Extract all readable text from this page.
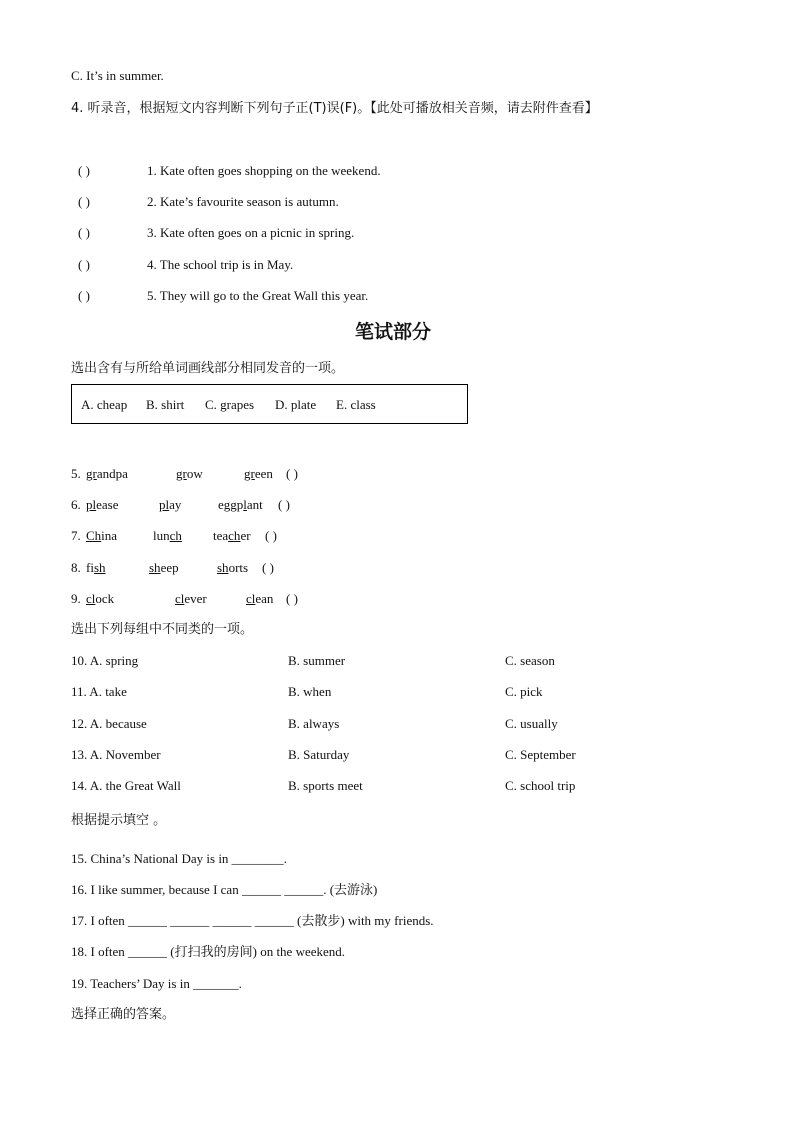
C. It’s in summer.
4. 听录音，根据短文内容判断下列句子正(T)误(F)。【此处可播放相关音频，请去附件查看】
( )	1. Kate often goes shopping on the weekend.
( )	2. Kate’s favourite season is autumn.
( )	3. Kate often goes on a picnic in spring.
( )	4. The school trip is in May.
( )	5. They will go to the Great Wall this year.
笔试部分
选出含有与所给单词画线部分相同发音的一项。
A. cheap B. shirt C. grapes D. plate E. class
5. grandpa	grow	green ( )
6. please	play	eggplant ( )
7. China	lunch teacher ( )
8. fish	sheep	shorts ( )
9. clock	clever	clean ( )
选出下列每组中不同类的一项。
10. A. spring	B. summer	C. season
11. A. take	B. when	C. pick
12. A. because	B. always	C. usually
13. A. November	B. Saturday	C. September
14. A. the Great Wall	B. sports meet	C. school trip
根据提示填空 。
15. China’s National Day is in ________.
16. I like summer, because I can ______ ______. (去游泳)
17. I often ______ ______ ______ ______ (去散步) with my friends.
18. I often ______ (打扫我的房间) on the weekend.
19. Teachers’ Day is in _______.
选择正确的答案。
